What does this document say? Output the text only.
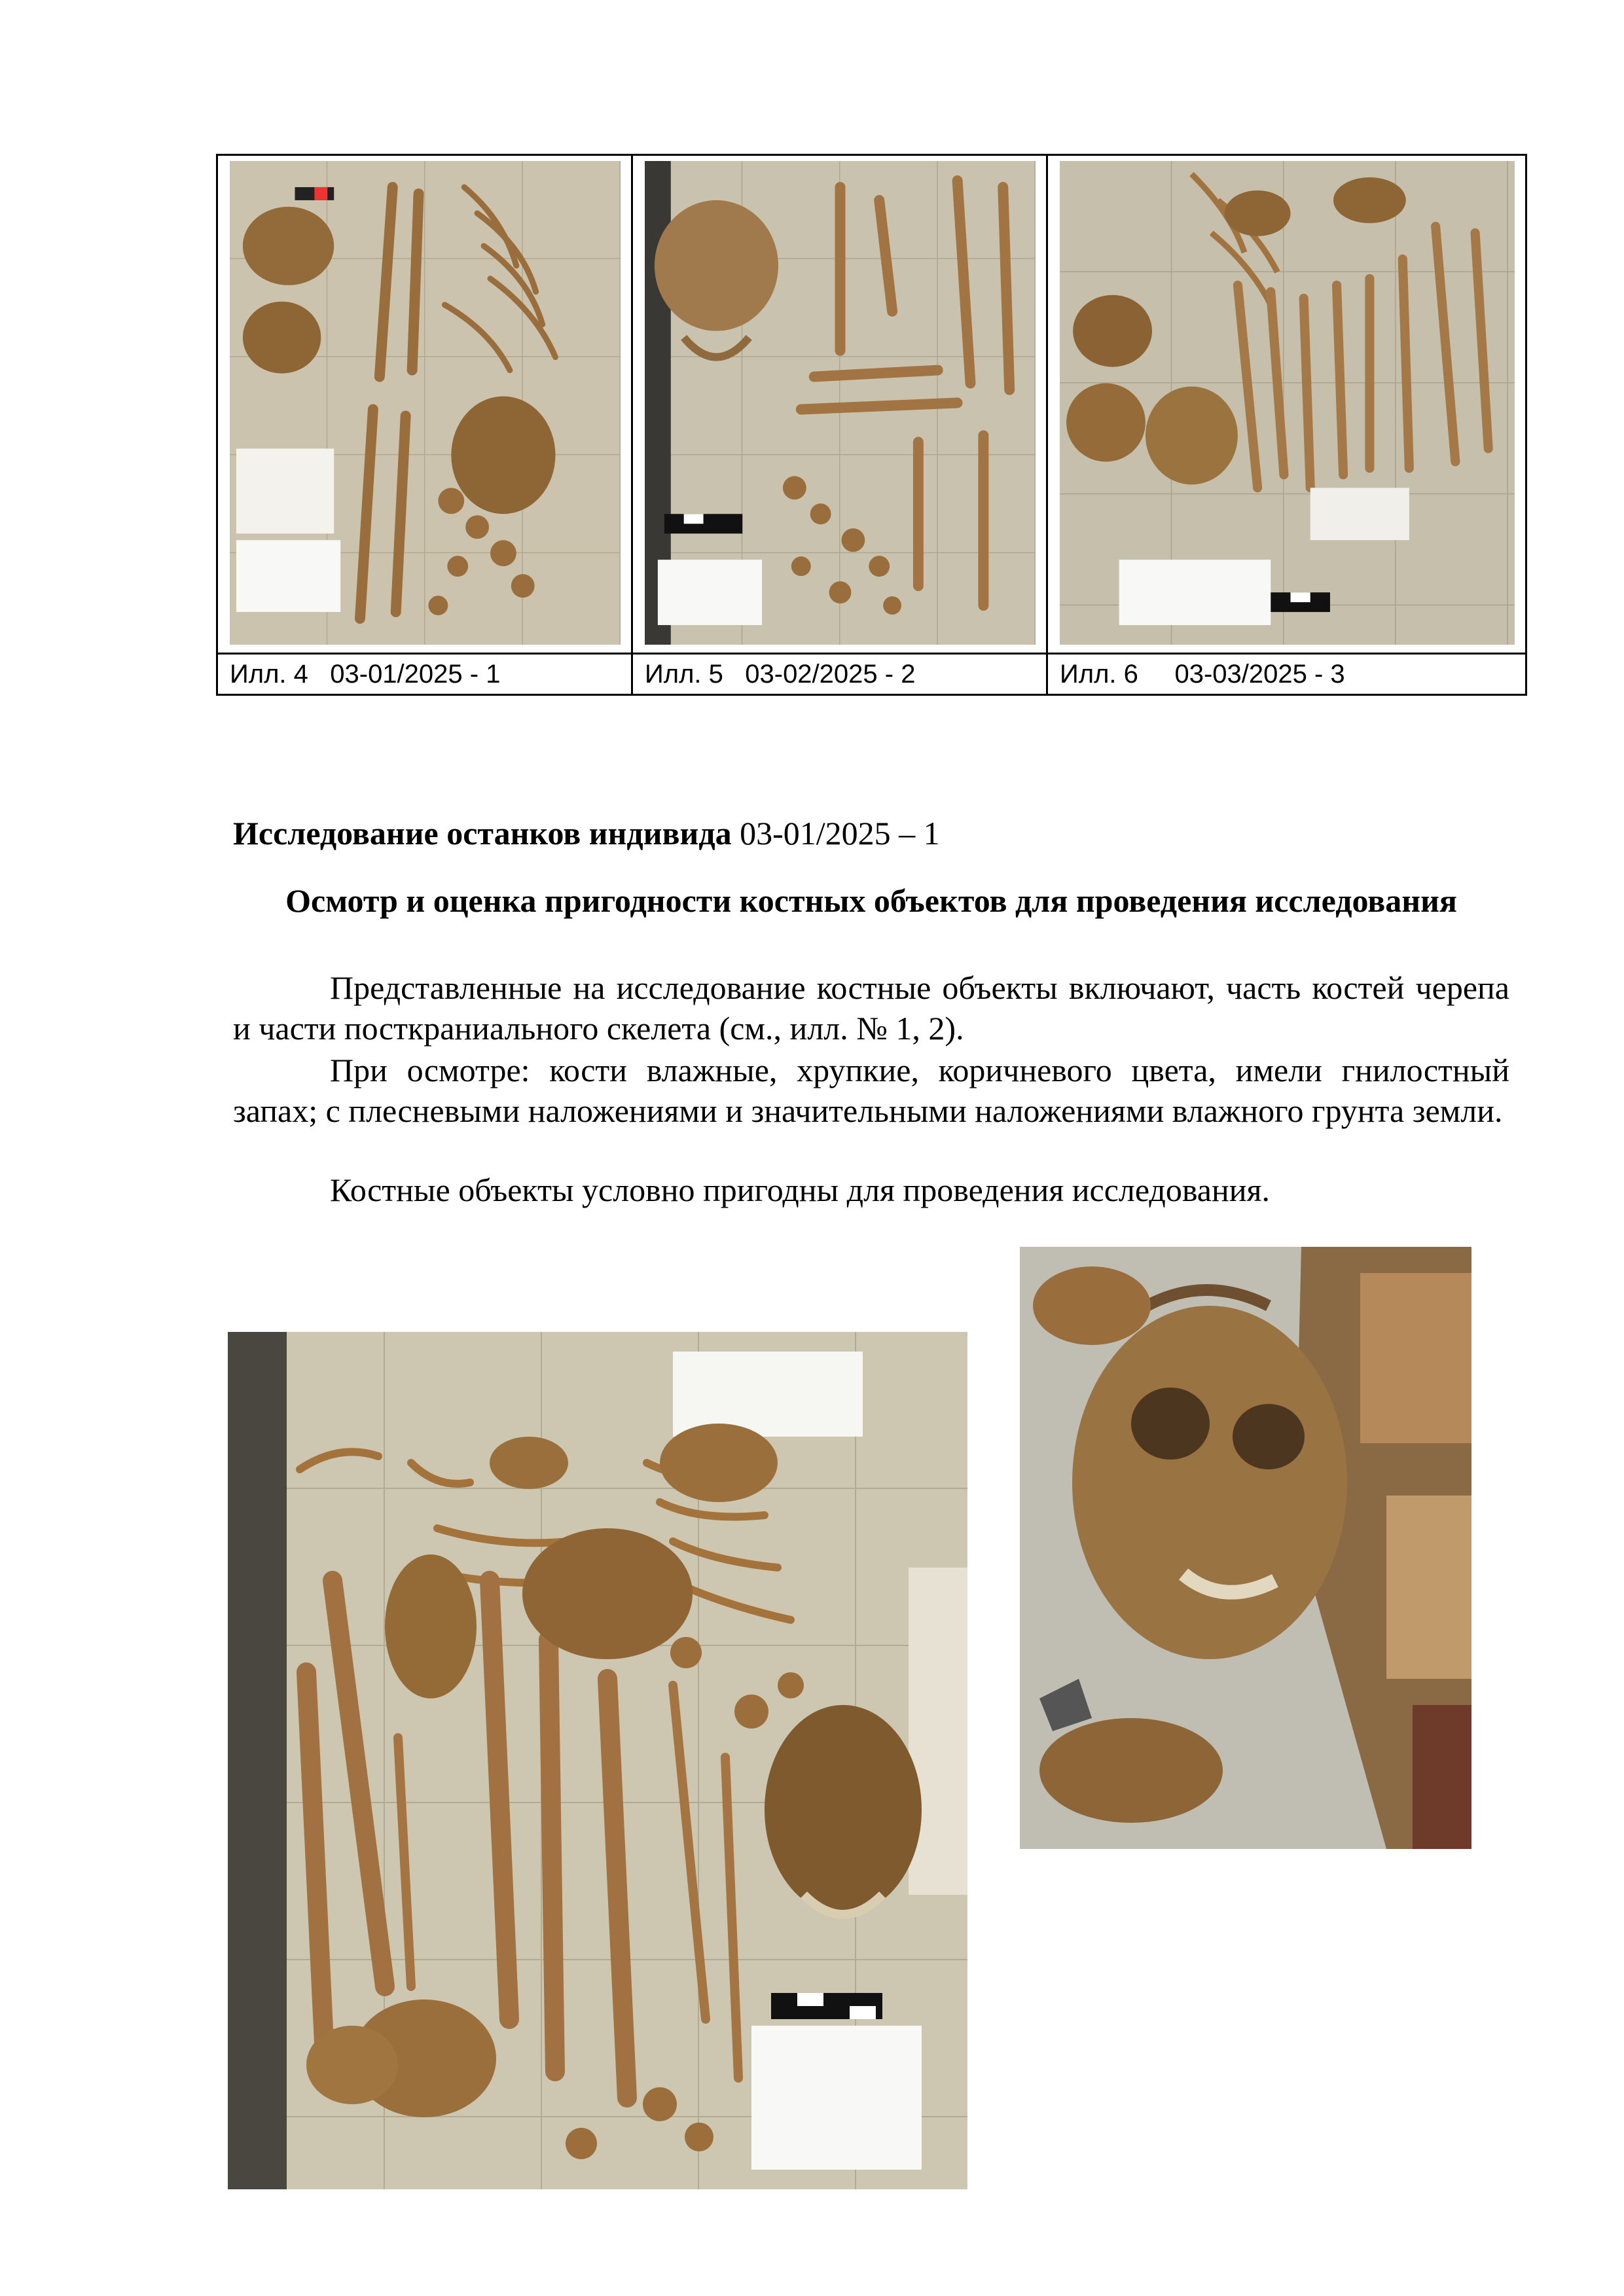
Илл. 4 03-01/2025 - 1	Илл. 5 03-02/2025 - 2	Илл. 6 03-03/2025 - 3
Исследование останков индивида 03-01/2025 – 1
Осмотр и оценка пригодности костных объектов для проведения исследования
Представленные на исследование костные объекты включают, часть костей черепа и части посткраниального скелета (см., илл. № 1, 2).
При осмотре: кости влажные, хрупкие, коричневого цвета, имели гнилостный запах; с плесневыми наложениями и значительными наложениями влажного грунта земли.
Костные объекты условно пригодны для проведения исследования.
